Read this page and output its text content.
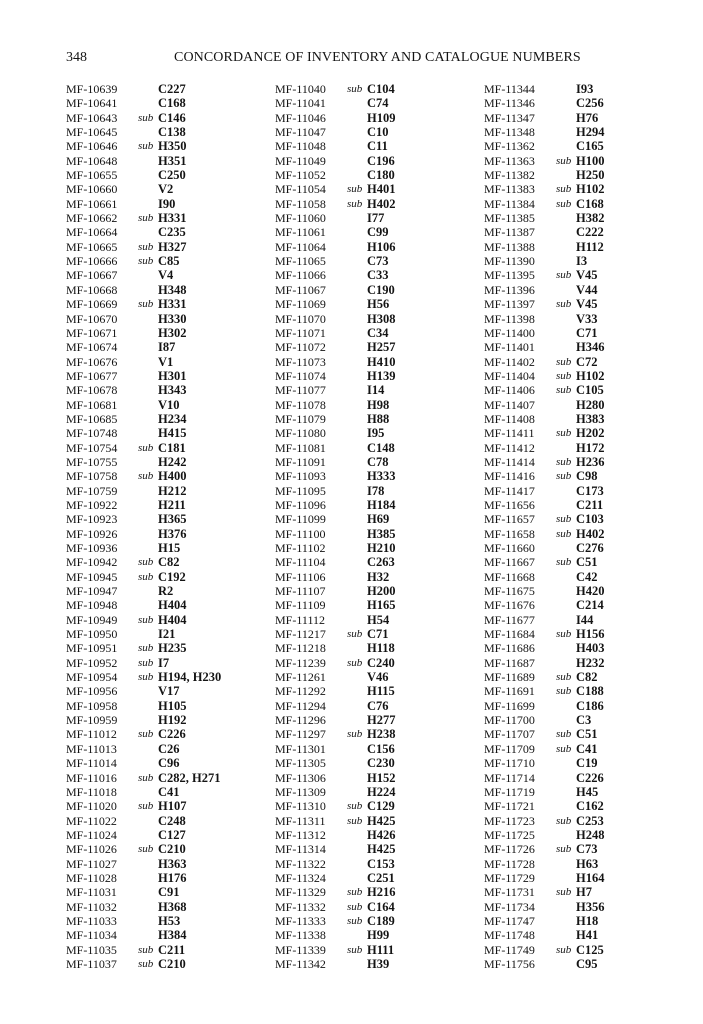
348	CONCORDANCE OF INVENTORY AND CATALOGUE NUMBERS
MF-10639	C227
MF-10641	C168
MF-10643 sub C146
MF-10645	C138
MF-10646 sub H350
MF-10648	H351
MF-10655	C250
MF-10660	V2
MF-10661	I90
MF-10662 sub H331
MF-10664	C235
MF-10665 sub H327
MF-10666 sub C85
MF-10667	V4
MF-10668	H348
MF-10669 sub H331
MF-10670	H330
MF-10671	H302
MF-10674	I87
MF-10676	V1
MF-10677	H301
MF-10678	H343
MF-10681	V10
MF-10685	H234
MF-10748	H415
MF-10754 sub C181
MF-10755	H242
MF-10758 sub H400
MF-10759	H212
MF-10922	H211
MF-10923	H365
MF-10926	H376
MF-10936	H15
MF-10942 sub C82
MF-10945 sub C192
MF-10947	R2
MF-10948	H404
MF-10949 sub H404
MF-10950	I21
MF-10951 sub H235
MF-10952 sub I7
MF-10954 sub H194, H230
MF-10956	V17
MF-10958	H105
MF-10959	H192
MF-11012 sub C226
MF-11013	C26
MF-11014	C96
MF-11016 sub C282, H271
MF-11018	C41
MF-11020 sub H107
MF-11022	C248
MF-11024	C127
MF-11026 sub C210
MF-11027	H363
MF-11028	H176
MF-11031	C91
MF-11032	H368
MF-11033	H53
MF-11034	H384
MF-11035 sub C211
MF-11037 sub C210
MF-11040 sub C104
MF-11041	C74
MF-11046	H109
MF-11047	C10
MF-11048	C11
MF-11049	C196
MF-11052	C180
MF-11054 sub H401
MF-11058 sub H402
MF-11060	I77
MF-11061	C99
MF-11064	H106
MF-11065	C73
MF-11066	C33
MF-11067	C190
MF-11069	H56
MF-11070	H308
MF-11071	C34
MF-11072	H257
MF-11073	H410
MF-11074	H139
MF-11077	I14
MF-11078	H98
MF-11079	H88
MF-11080	I95
MF-11081	C148
MF-11091	C78
MF-11093	H333
MF-11095	I78
MF-11096	H184
MF-11099	H69
MF-11100	H385
MF-11102	H210
MF-11104	C263
MF-11106	H32
MF-11107	H200
MF-11109	H165
MF-11112	H54
MF-11217 sub C71
MF-11218	H118
MF-11239 sub C240
MF-11261	V46
MF-11292	H115
MF-11294	C76
MF-11296	H277
MF-11297 sub H238
MF-11301	C156
MF-11305	C230
MF-11306	H152
MF-11309	H224
MF-11310 sub C129
MF-11311 sub H425
MF-11312	H426
MF-11314	H425
MF-11322	C153
MF-11324	C251
MF-11329 sub H216
MF-11332 sub C164
MF-11333 sub C189
MF-11338	H99
MF-11339 sub H111
MF-11342	H39
MF-11344	I93
MF-11346	C256
MF-11347	H76
MF-11348	H294
MF-11362	C165
MF-11363 sub H100
MF-11382	H250
MF-11383 sub H102
MF-11384 sub C168
MF-11385	H382
MF-11387	C222
MF-11388	H112
MF-11390	I3
MF-11395 sub V45
MF-11396	V44
MF-11397 sub V45
MF-11398	V33
MF-11400	C71
MF-11401	H346
MF-11402 sub C72
MF-11404 sub H102
MF-11406 sub C105
MF-11407	H280
MF-11408	H383
MF-11411 sub H202
MF-11412	H172
MF-11414 sub H236
MF-11416 sub C98
MF-11417	C173
MF-11656	C211
MF-11657 sub C103
MF-11658 sub H402
MF-11660	C276
MF-11667 sub C51
MF-11668	C42
MF-11675	H420
MF-11676	C214
MF-11677	I44
MF-11684 sub H156
MF-11686	H403
MF-11687	H232
MF-11689 sub C82
MF-11691 sub C188
MF-11699	C186
MF-11700	C3
MF-11707 sub C51
MF-11709 sub C41
MF-11710	C19
MF-11714	C226
MF-11719	H45
MF-11721	C162
MF-11723 sub C253
MF-11725	H248
MF-11726 sub C73
MF-11728	H63
MF-11729	H164
MF-11731 sub H7
MF-11734	H356
MF-11747	H18
MF-11748	H41
MF-11749 sub C125
MF-11756	C95
